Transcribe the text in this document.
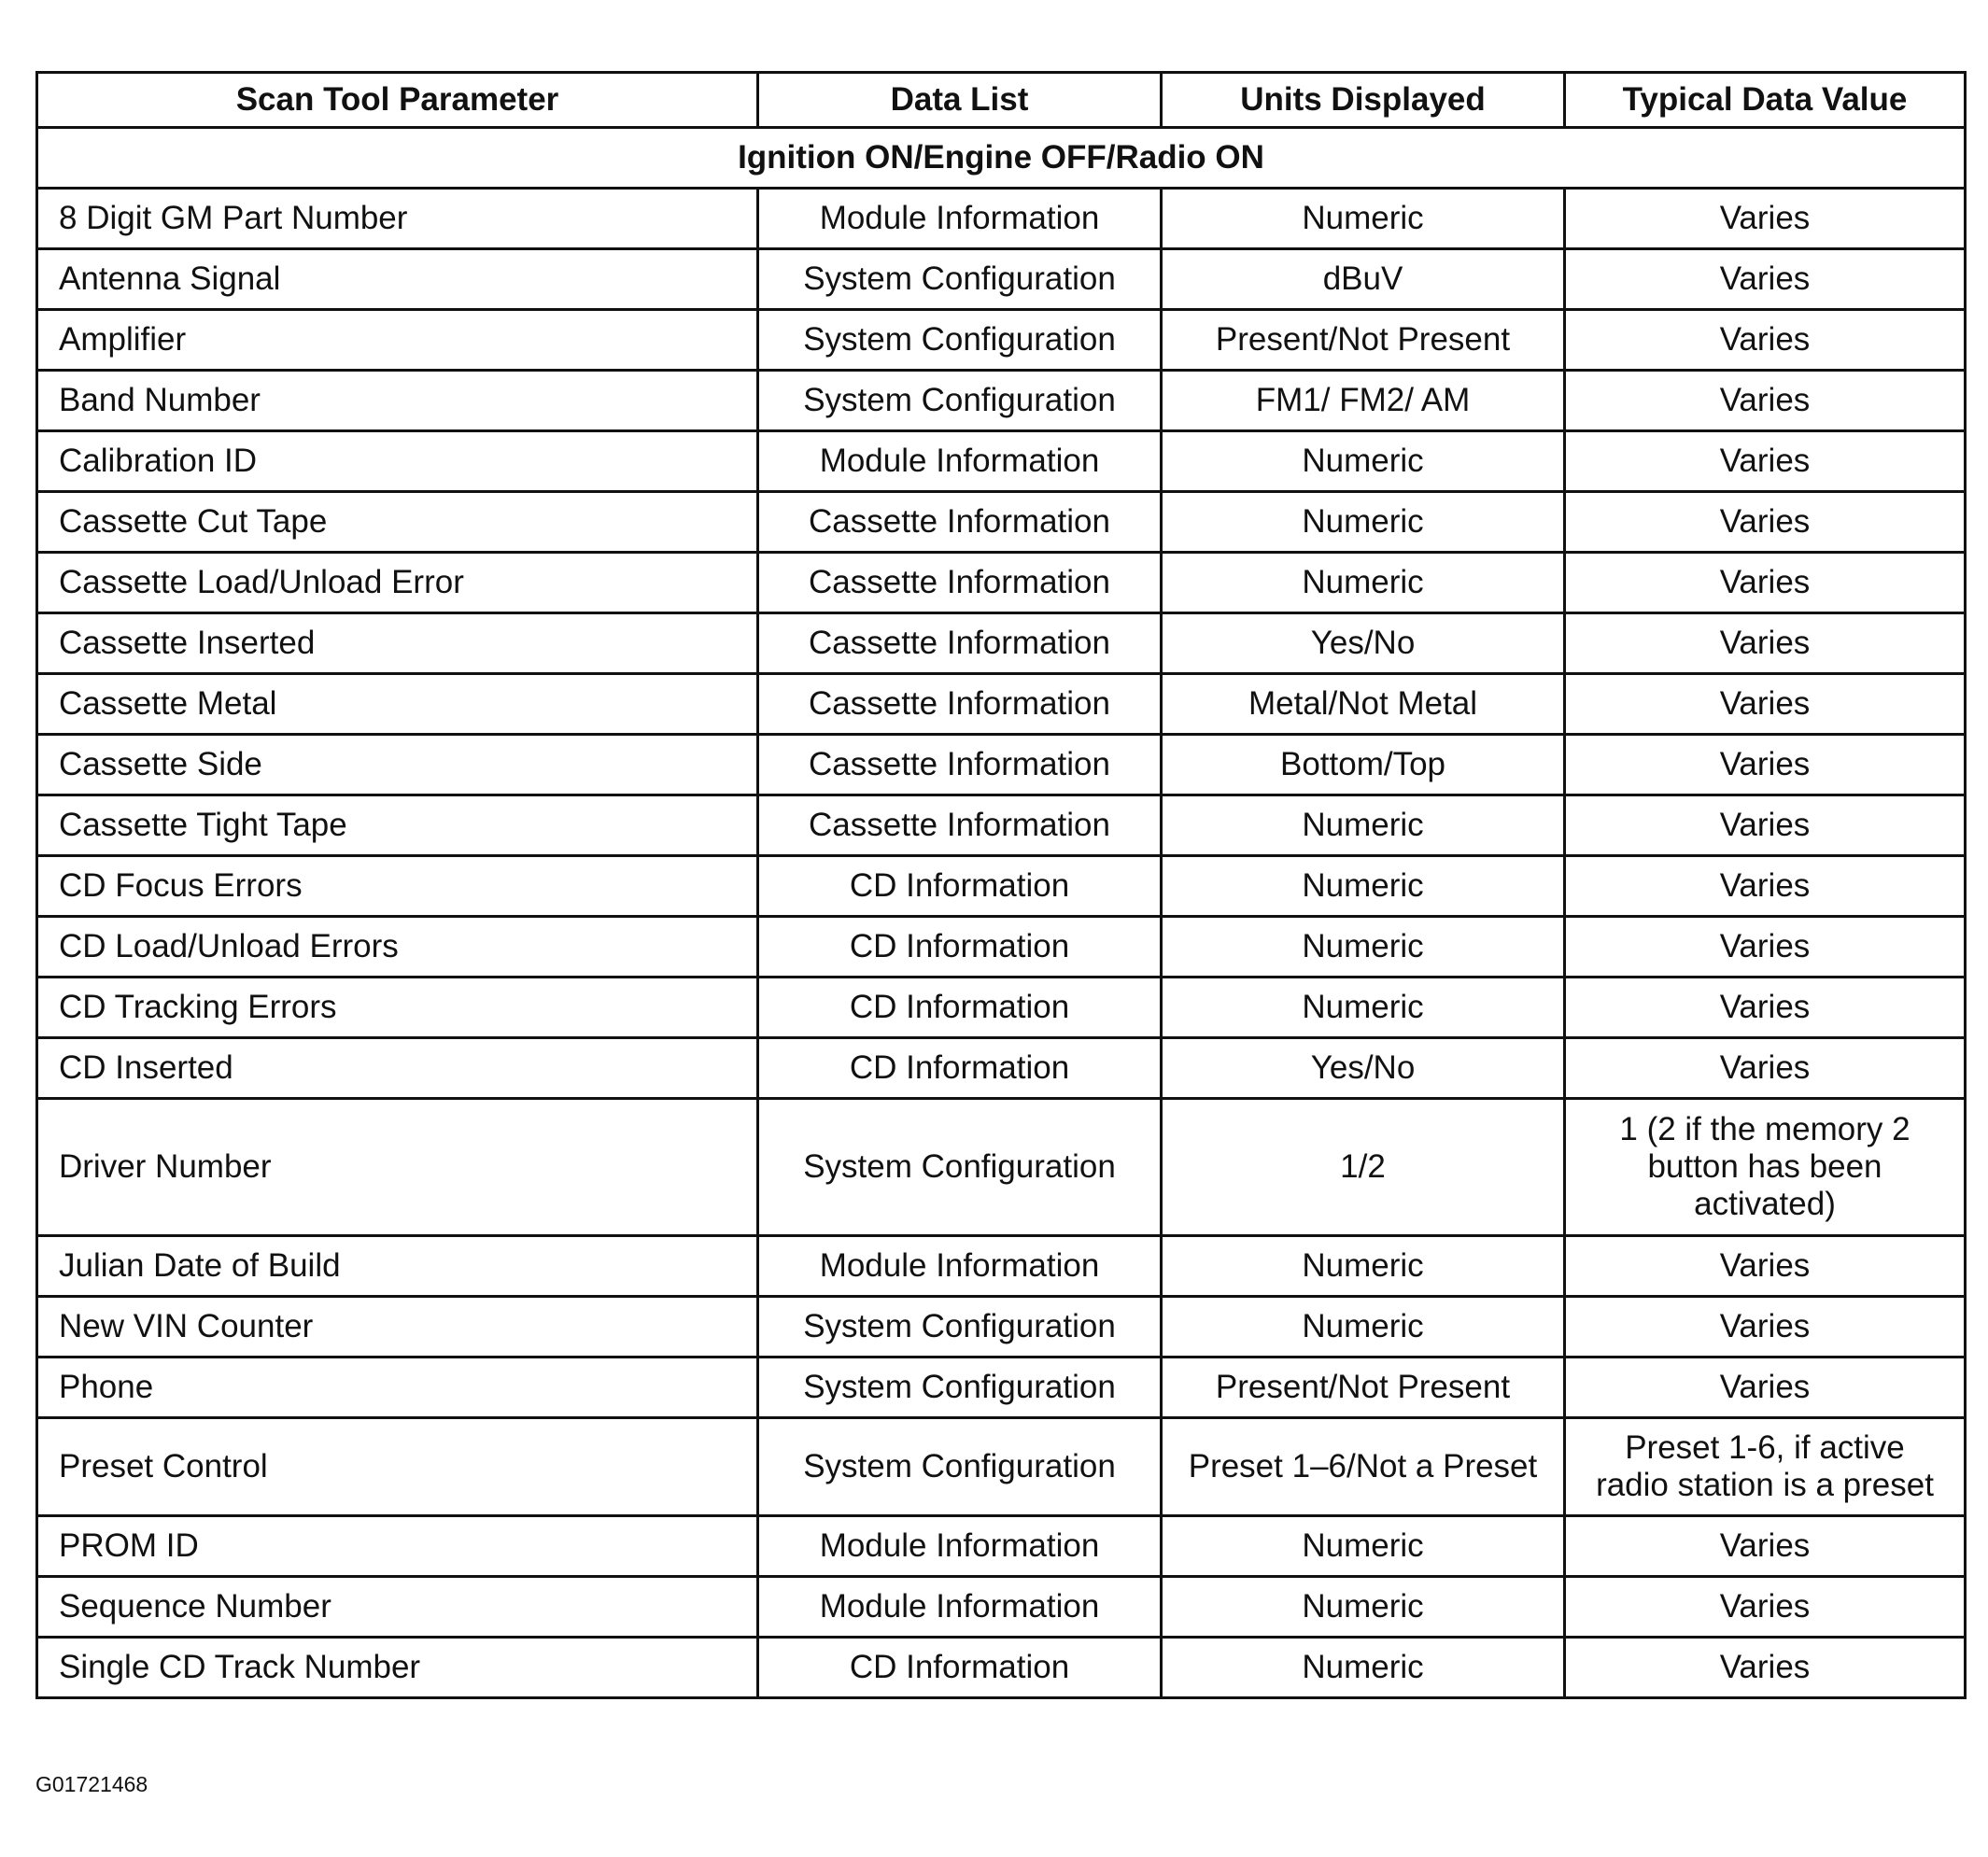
Scan Tool Parameter	Data List	Units Displayed	Typical Data Value
Ignition ON/Engine OFF/Radio ON			
8 Digit GM Part Number	Module Information	Numeric	Varies
Antenna Signal	System Configuration	dBuV	Varies
Amplifier	System Configuration	Present/Not Present	Varies
Band Number	System Configuration	FM1/ FM2/ AM	Varies
Calibration ID	Module Information	Numeric	Varies
Cassette Cut Tape	Cassette Information	Numeric	Varies
Cassette Load/Unload Error	Cassette Information	Numeric	Varies
Cassette Inserted	Cassette Information	Yes/No	Varies
Cassette Metal	Cassette Information	Metal/Not Metal	Varies
Cassette Side	Cassette Information	Bottom/Top	Varies
Cassette Tight Tape	Cassette Information	Numeric	Varies
CD Focus Errors	CD Information	Numeric	Varies
CD Load/Unload Errors	CD Information	Numeric	Varies
CD Tracking Errors	CD Information	Numeric	Varies
CD Inserted	CD Information	Yes/No	Varies
Driver Number	System Configuration	1/2	1 (2 if the memory 2 button has been activated)
Julian Date of Build	Module Information	Numeric	Varies
New VIN Counter	System Configuration	Numeric	Varies
Phone	System Configuration	Present/Not Present	Varies
Preset Control	System Configuration	Preset 1–6/Not a Preset	Preset 1-6, if active radio station is a preset
PROM ID	Module Information	Numeric	Varies
Sequence Number	Module Information	Numeric	Varies
Single CD Track Number	CD Information	Numeric	Varies
G01721468
